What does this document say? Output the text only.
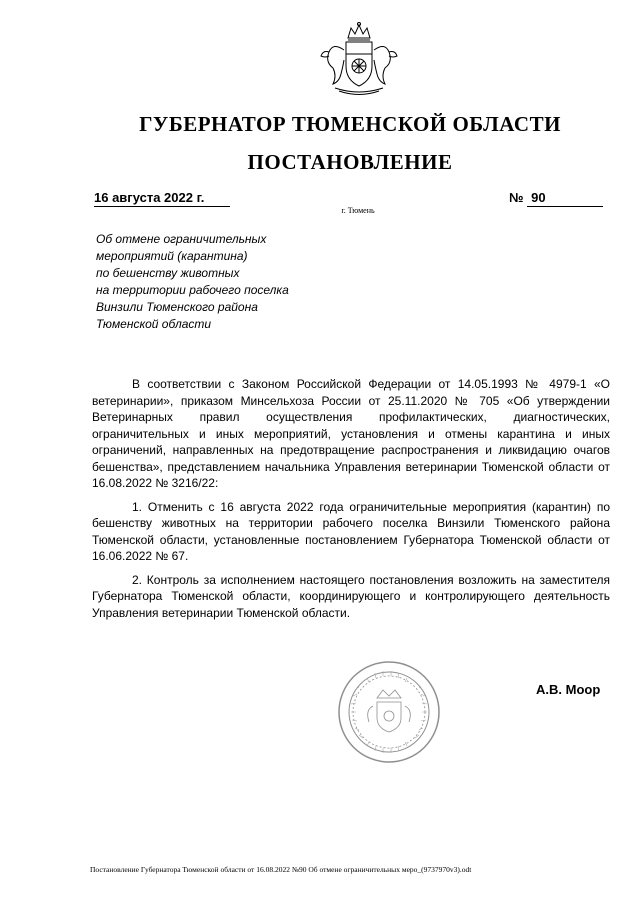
ГУБЕРНАТОР ТЮМЕНСКОЙ ОБЛАСТИ
ПОСТАНОВЛЕНИЕ
16 августа 2022 г.	№ 90
г. Тюмень
Об отмене ограничительных
мероприятий (карантина)
по бешенству животных
на территории рабочего поселка
Винзили Тюменского района
Тюменской области

В соответствии с Законом Российской Федерации от 14.05.1993 № 4979-1 «О ветеринарии», приказом Минсельхоза России от 25.11.2020 № 705 «Об утверждении Ветеринарных правил осуществления профилактических, диагностических, ограничительных и иных мероприятий, установления и отмены карантина и иных ограничений, направленных на предотвращение распространения и ликвидацию очагов бешенства», представлением начальника Управления ветеринарии Тюменской области от 16.08.2022 № 3216/22:

1. Отменить с 16 августа 2022 года ограничительные мероприятия (карантин) по бешенству животных на территории рабочего поселка Винзили Тюменского района Тюменской области, установленные постановлением Губернатора Тюменской области от 16.06.2022 № 67.

2. Контроль за исполнением настоящего постановления возложить на заместителя Губернатора Тюменской области, координирующего и контролирующего деятельность Управления ветеринарии Тюменской области.

А.В. Моор
Постановление Губернатора Тюменской области от 16.08.2022 №90 Об отмене ограничительных меро_(9737970v3).odt
